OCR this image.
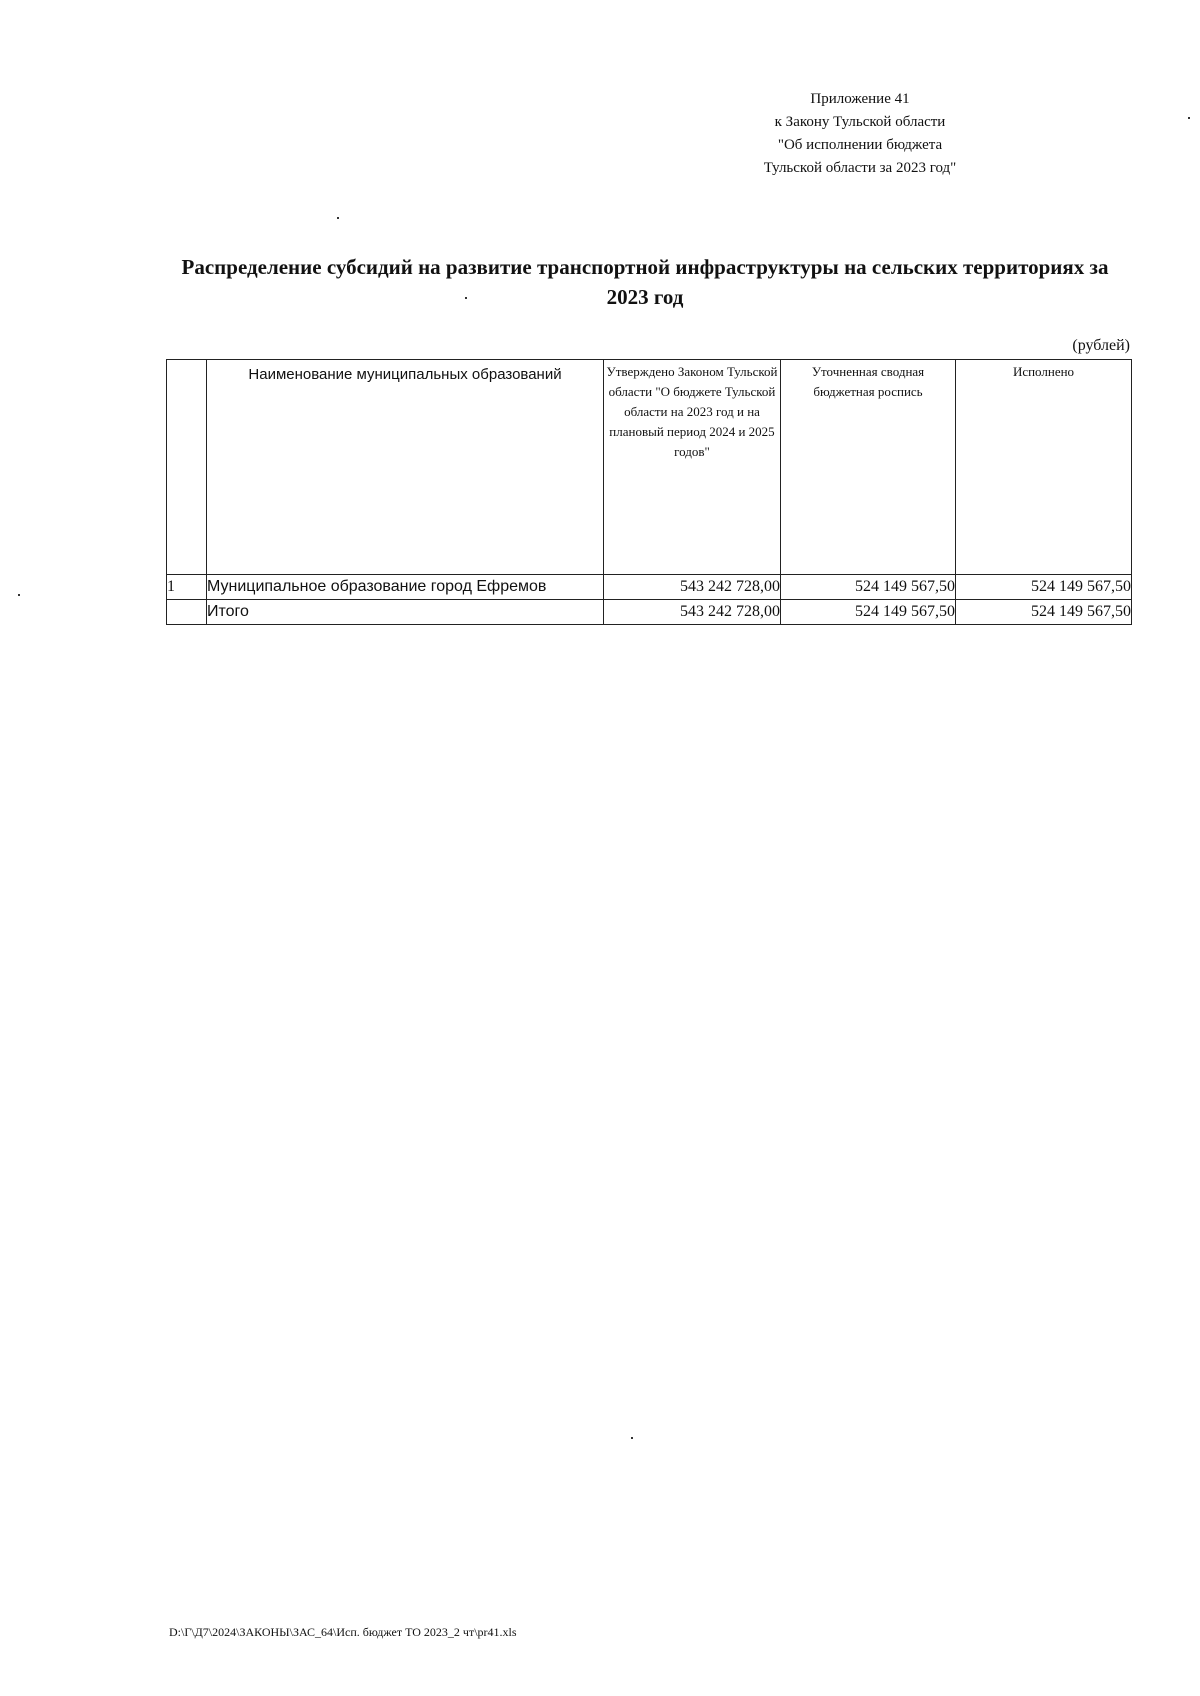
Приложение 41
к Закону Тульской области
"Об исполнении бюджета
Тульской области за 2023 год"
Распределение субсидий на развитие транспортной инфраструктуры на сельских территориях за
2023 год
(рублей)
	Наименование муниципальных образований	Утверждено Законом Тульской области "О бюджете Тульской области на 2023 год и на плановый период 2024 и 2025 годов"	Уточненная сводная бюджетная роспись	Исполнено
1	Муниципальное образование город Ефремов	543 242 728,00	524 149 567,50	524 149 567,50
	Итого	543 242 728,00	524 149 567,50	524 149 567,50
D:\Г\Д7\2024\ЗАКОНЫ\ЗАС_64\Исп. бюджет ТО 2023_2 чт\pr41.xls
